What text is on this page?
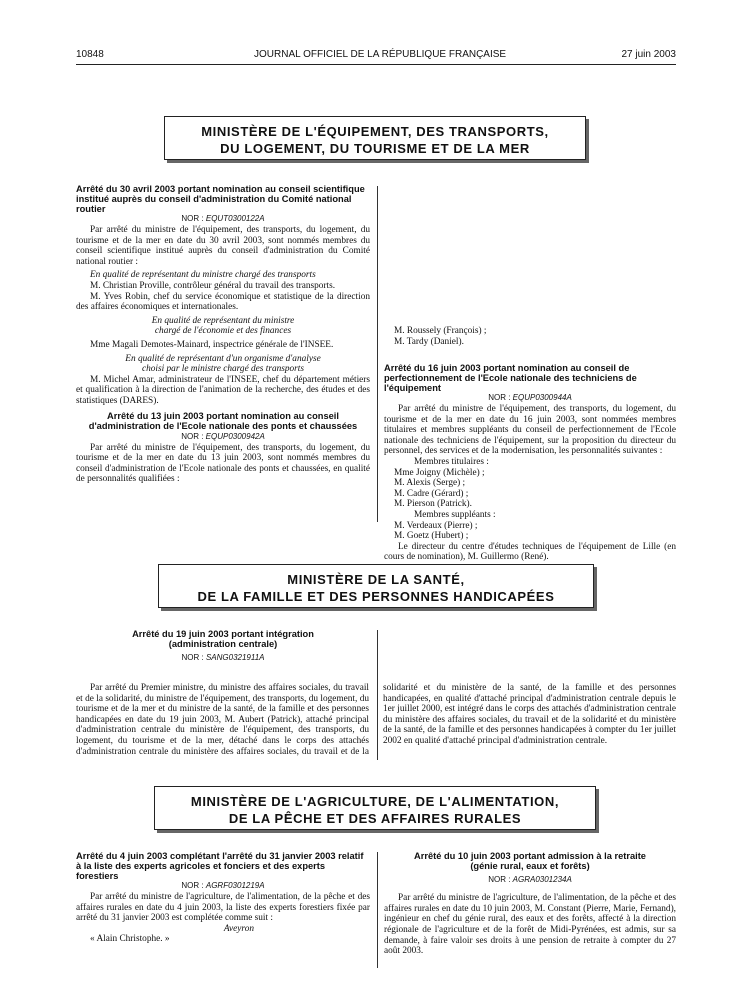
10848	JOURNAL OFFICIEL DE LA RÉPUBLIQUE FRANÇAISE	27 juin 2003
MINISTÈRE DE L'ÉQUIPEMENT, DES TRANSPORTS,
DU LOGEMENT, DU TOURISME ET DE LA MER

Arrêté du 30 avril 2003 portant nomination au conseil scientifique institué auprès du conseil d'administration du Comité national routier

NOR : EQUT0300122A

Par arrêté du ministre de l'équipement, des transports, du logement, du tourisme et de la mer en date du 30 avril 2003, sont nommés membres du conseil scientifique institué auprès du conseil d'administration du Comité national routier :

En qualité de représentant du ministre chargé des transports

M. Christian Proville, contrôleur général du travail des transports.

M. Yves Robin, chef du service économique et statistique de la direction des affaires économiques et internationales.

En qualité de représentant du ministre

chargé de l'économie et des finances

Mme Magali Demotes-Mainard, inspectrice générale de l'INSEE.

En qualité de représentant d'un organisme d'analyse

choisi par le ministre chargé des transports

M. Michel Amar, administrateur de l'INSEE, chef du département métiers et qualification à la direction de l'animation de la recherche, des études et des statistiques (DARES).

Arrêté du 13 juin 2003 portant nomination au conseil d'administration de l'Ecole nationale des ponts et chaussées

NOR : EQUP0300942A

Par arrêté du ministre de l'équipement, des transports, du logement, du tourisme et de la mer en date du 13 juin 2003, sont nommés membres du conseil d'administration de l'Ecole nationale des ponts et chaussées, en qualité de personnalités qualifiées :

M. Roussely (François) ;

M. Tardy (Daniel).

Arrêté du 16 juin 2003 portant nomination au conseil de perfectionnement de l'Ecole nationale des techniciens de l'équipement

NOR : EQUP0300944A

Par arrêté du ministre de l'équipement, des transports, du logement, du tourisme et de la mer en date du 16 juin 2003, sont nommées membres titulaires et membres suppléants du conseil de perfectionnement de l'Ecole nationale des techniciens de l'équipement, sur la proposition du directeur du personnel, des services et de la modernisation, les personnalités suivantes :

Membres titulaires :

Mme Joigny (Michèle) ;

M. Alexis (Serge) ;

M. Cadre (Gérard) ;

M. Pierson (Patrick).

Membres suppléants :

M. Verdeaux (Pierre) ;

M. Goetz (Hubert) ;

Le directeur du centre d'études techniques de l'équipement de Lille (en cours de nomination), M. Guillermo (René).

MINISTÈRE DE LA SANTÉ,
DE LA FAMILLE ET DES PERSONNES HANDICAPÉES

Arrêté du 19 juin 2003 portant intégration

(administration centrale)

NOR : SANG0321911A

Par arrêté du Premier ministre, du ministre des affaires sociales, du travail et de la solidarité, du ministre de l'équipement, des transports, du logement, du tourisme et de la mer et du ministre de la santé, de la famille et des personnes handicapées en date du 19 juin 2003, M. Aubert (Patrick), attaché principal d'administration centrale du ministère de l'équipement, des transports, du logement, du tourisme et de la mer, détaché dans le corps des attachés d'administration centrale du ministère des affaires sociales, du travail et de la solidarité et du ministère de la santé, de la famille et des personnes handicapées, en qualité d'attaché principal d'administration centrale depuis le 1er juillet 2000, est intégré dans le corps des attachés d'administration centrale du ministère des affaires sociales, du travail et de la solidarité et du ministère de la santé, de la famille et des personnes handicapées à compter du 1er juillet 2002 en qualité d'attaché principal d'administration centrale.

MINISTÈRE DE L'AGRICULTURE, DE L'ALIMENTATION,
DE LA PÊCHE ET DES AFFAIRES RURALES

Arrêté du 4 juin 2003 complétant l'arrêté du 31 janvier 2003 relatif à la liste des experts agricoles et fonciers et des experts forestiers

NOR : AGRF0301219A

Par arrêté du ministre de l'agriculture, de l'alimentation, de la pêche et des affaires rurales en date du 4 juin 2003, la liste des experts forestiers fixée par arrêté du 31 janvier 2003 est complétée comme suit :

Aveyron

« Alain Christophe. »

Arrêté du 10 juin 2003 portant admission à la retraite

(génie rural, eaux et forêts)

NOR : AGRA0301234A

Par arrêté du ministre de l'agriculture, de l'alimentation, de la pêche et des affaires rurales en date du 10 juin 2003, M. Constant (Pierre, Marie, Fernand), ingénieur en chef du génie rural, des eaux et des forêts, affecté à la direction régionale de l'agriculture et de la forêt de Midi-Pyrénées, est admis, sur sa demande, à faire valoir ses droits à une pension de retraite à compter du 27 août 2003.
